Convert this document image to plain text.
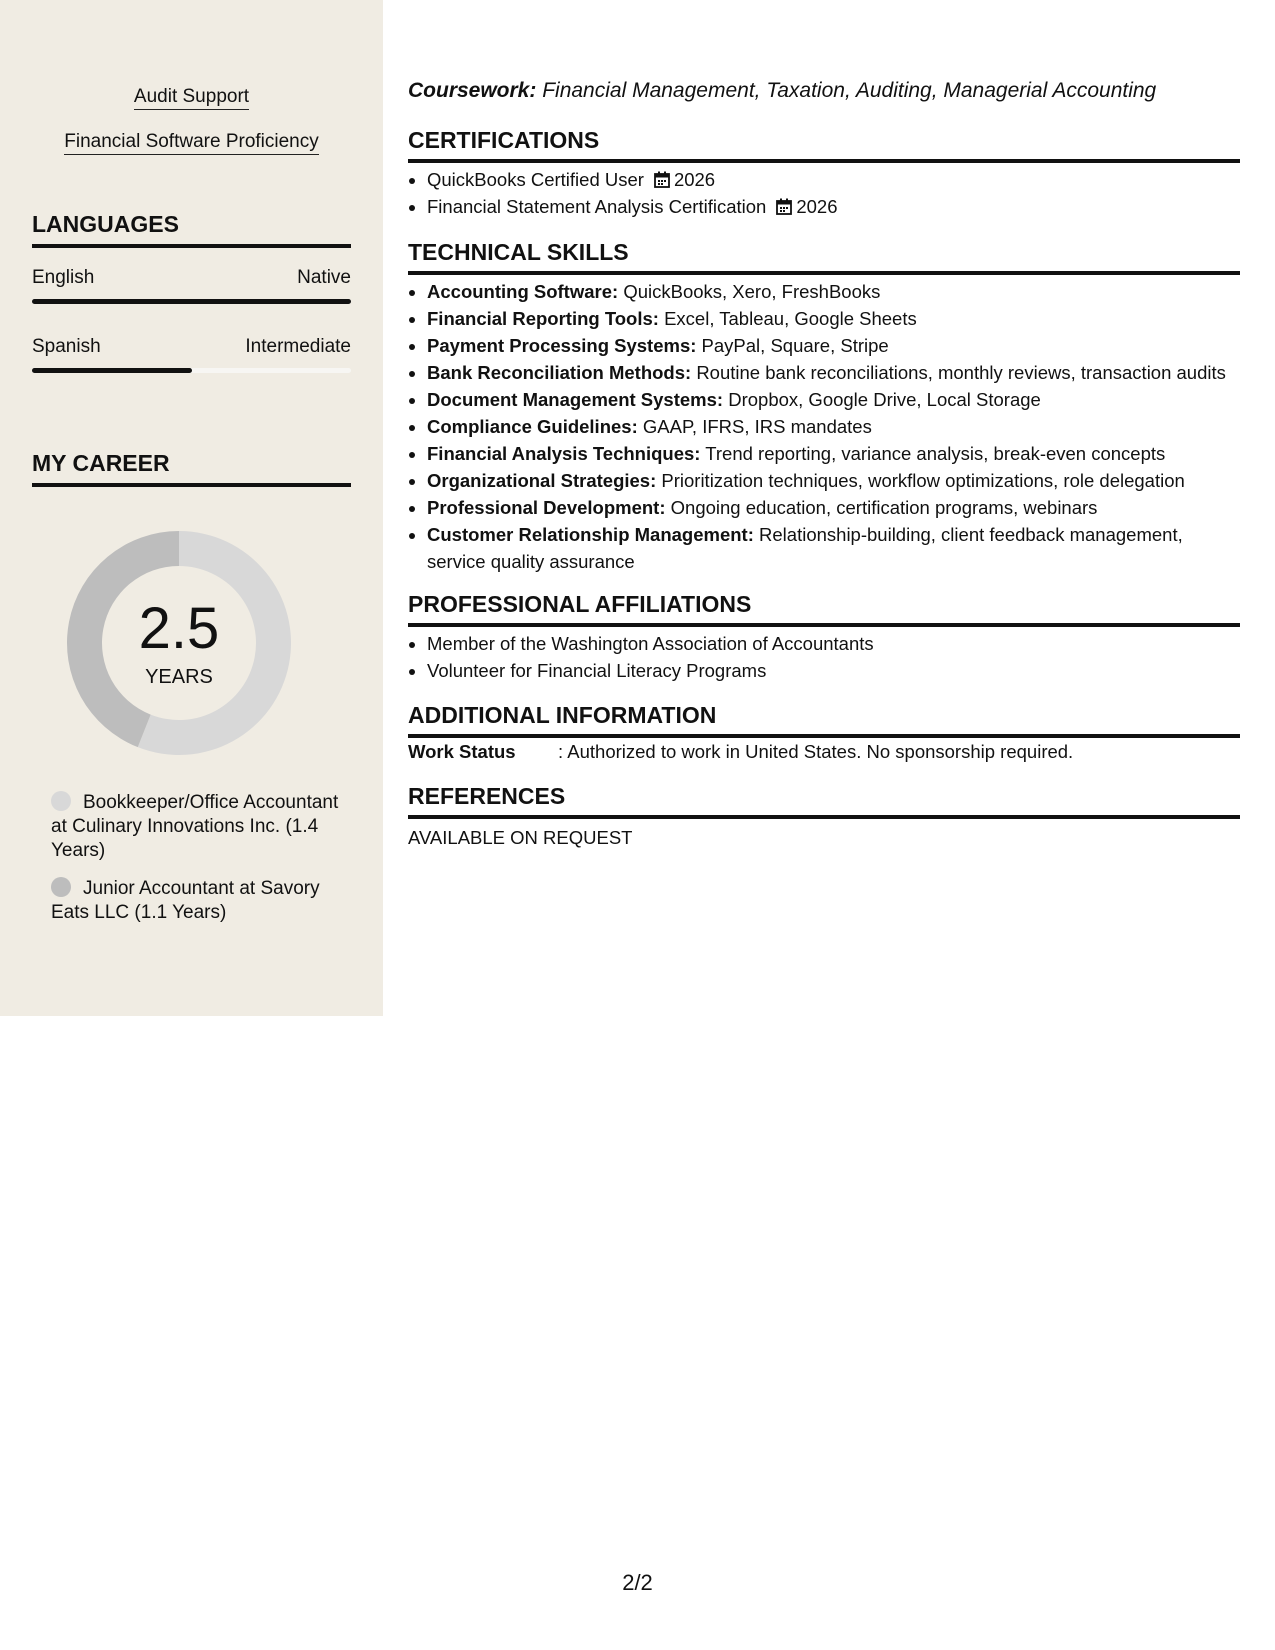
Audit Support
Financial Software Proficiency
LANGUAGES
English	Native
Spanish	Intermediate
MY CAREER
2.5
YEARS
Bookkeeper/Office Accountant at Culinary Innovations Inc. (1.4 Years)
Junior Accountant at Savory Eats LLC (1.1 Years)
Coursework: Financial Management, Taxation, Auditing, Managerial Accounting
CERTIFICATIONS
• QuickBooks Certified User 2026
• Financial Statement Analysis Certification 2026
TECHNICAL SKILLS
• Accounting Software: QuickBooks, Xero, FreshBooks
• Financial Reporting Tools: Excel, Tableau, Google Sheets
• Payment Processing Systems: PayPal, Square, Stripe
• Bank Reconciliation Methods: Routine bank reconciliations, monthly reviews, transaction audits
• Document Management Systems: Dropbox, Google Drive, Local Storage
• Compliance Guidelines: GAAP, IFRS, IRS mandates
• Financial Analysis Techniques: Trend reporting, variance analysis, break-even concepts
• Organizational Strategies: Prioritization techniques, workflow optimizations, role delegation
• Professional Development: Ongoing education, certification programs, webinars
• Customer Relationship Management: Relationship-building, client feedback management, service quality assurance
PROFESSIONAL AFFILIATIONS
• Member of the Washington Association of Accountants
• Volunteer for Financial Literacy Programs
ADDITIONAL INFORMATION
Work Status : Authorized to work in United States. No sponsorship required.
REFERENCES
AVAILABLE ON REQUEST
2/2
